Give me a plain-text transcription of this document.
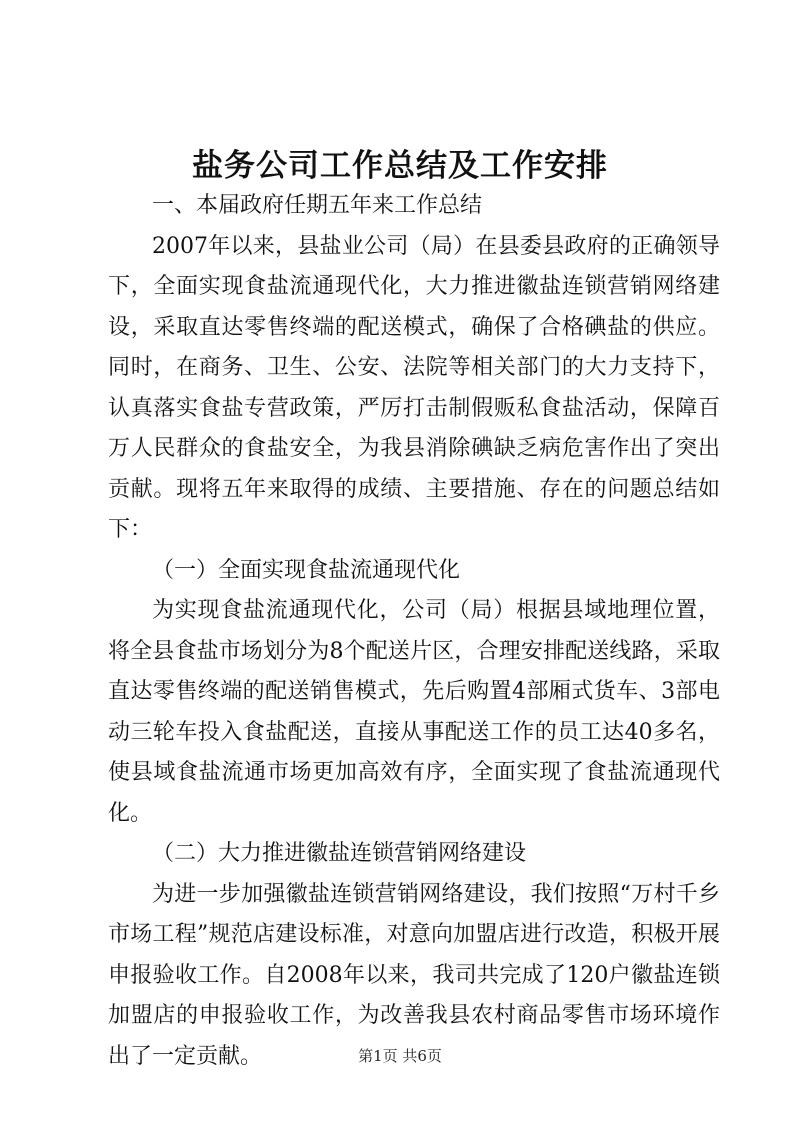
盐务公司工作总结及工作安排

一、本届政府任期五年来工作总结

2007年以来，县盐业公司（局）在县委县政府的正确领导下，全面实现食盐流通现代化，大力推进徽盐连锁营销网络建设，采取直达零售终端的配送模式，确保了合格碘盐的供应。同时，在商务、卫生、公安、法院等相关部门的大力支持下，认真落实食盐专营政策，严厉打击制假贩私食盐活动，保障百万人民群众的食盐安全，为我县消除碘缺乏病危害作出了突出贡献。现将五年来取得的成绩、主要措施、存在的问题总结如下：

（一）全面实现食盐流通现代化

为实现食盐流通现代化，公司（局）根据县域地理位置，将全县食盐市场划分为8个配送片区，合理安排配送线路，采取直达零售终端的配送销售模式，先后购置4部厢式货车、3部电动三轮车投入食盐配送，直接从事配送工作的员工达40多名，使县域食盐流通市场更加高效有序，全面实现了食盐流通现代化。

（二）大力推进徽盐连锁营销网络建设

为进一步加强徽盐连锁营销网络建设，我们按照“万村千乡市场工程”规范店建设标准，对意向加盟店进行改造，积极开展申报验收工作。自2008年以来，我司共完成了120户徽盐连锁加盟店的申报验收工作，为改善我县农村商品零售市场环境作出了一定贡献。	第1页 共6页
